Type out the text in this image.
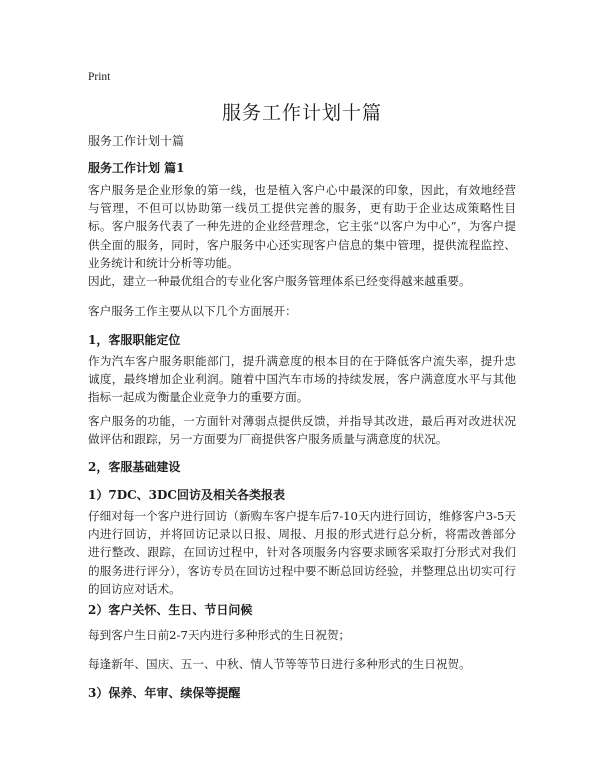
Print
服务工作计划十篇
服务工作计划十篇
服务工作计划 篇1
客户服务是企业形象的第一线，也是植入客户心中最深的印象，因此，有效地经营与管理，不但可以协助第一线员工提供完善的服务，更有助于企业达成策略性目标。客户服务代表了一种先进的企业经营理念，它主张“以客户为中心”，为客户提供全面的服务，同时，客户服务中心还实现客户信息的集中管理，提供流程监控、业务统计和统计分析等功能。
因此，建立一种最优组合的专业化客户服务管理体系已经变得越来越重要。
客户服务工作主要从以下几个方面展开：
1，客服职能定位
作为汽车客户服务职能部门，提升满意度的根本目的在于降低客户流失率，提升忠诚度，最终增加企业利润。随着中国汽车市场的持续发展，客户满意度水平与其他指标一起成为衡量企业竞争力的重要方面。
客户服务的功能，一方面针对薄弱点提供反馈，并指导其改进，最后再对改进状况做评估和跟踪，另一方面要为厂商提供客户服务质量与满意度的状况。
2，客服基础建设
1）7DC、3DC回访及相关各类报表
仔细对每一个客户进行回访（新购车客户提车后7-10天内进行回访，维修客户3-5天内进行回访，并将回访记录以日报、周报、月报的形式进行总分析，将需改善部分进行整改、跟踪，在回访过程中，针对各项服务内容要求顾客采取打分形式对我们的服务进行评分），客访专员在回访过程中要不断总回访经验，并整理总出切实可行的回访应对话术。
2）客户关怀、生日、节日问候
每到客户生日前2-7天内进行多种形式的生日祝贺；
每逢新年、国庆、五一、中秋、情人节等等节日进行多种形式的生日祝贺。
3）保养、年审、续保等提醒
